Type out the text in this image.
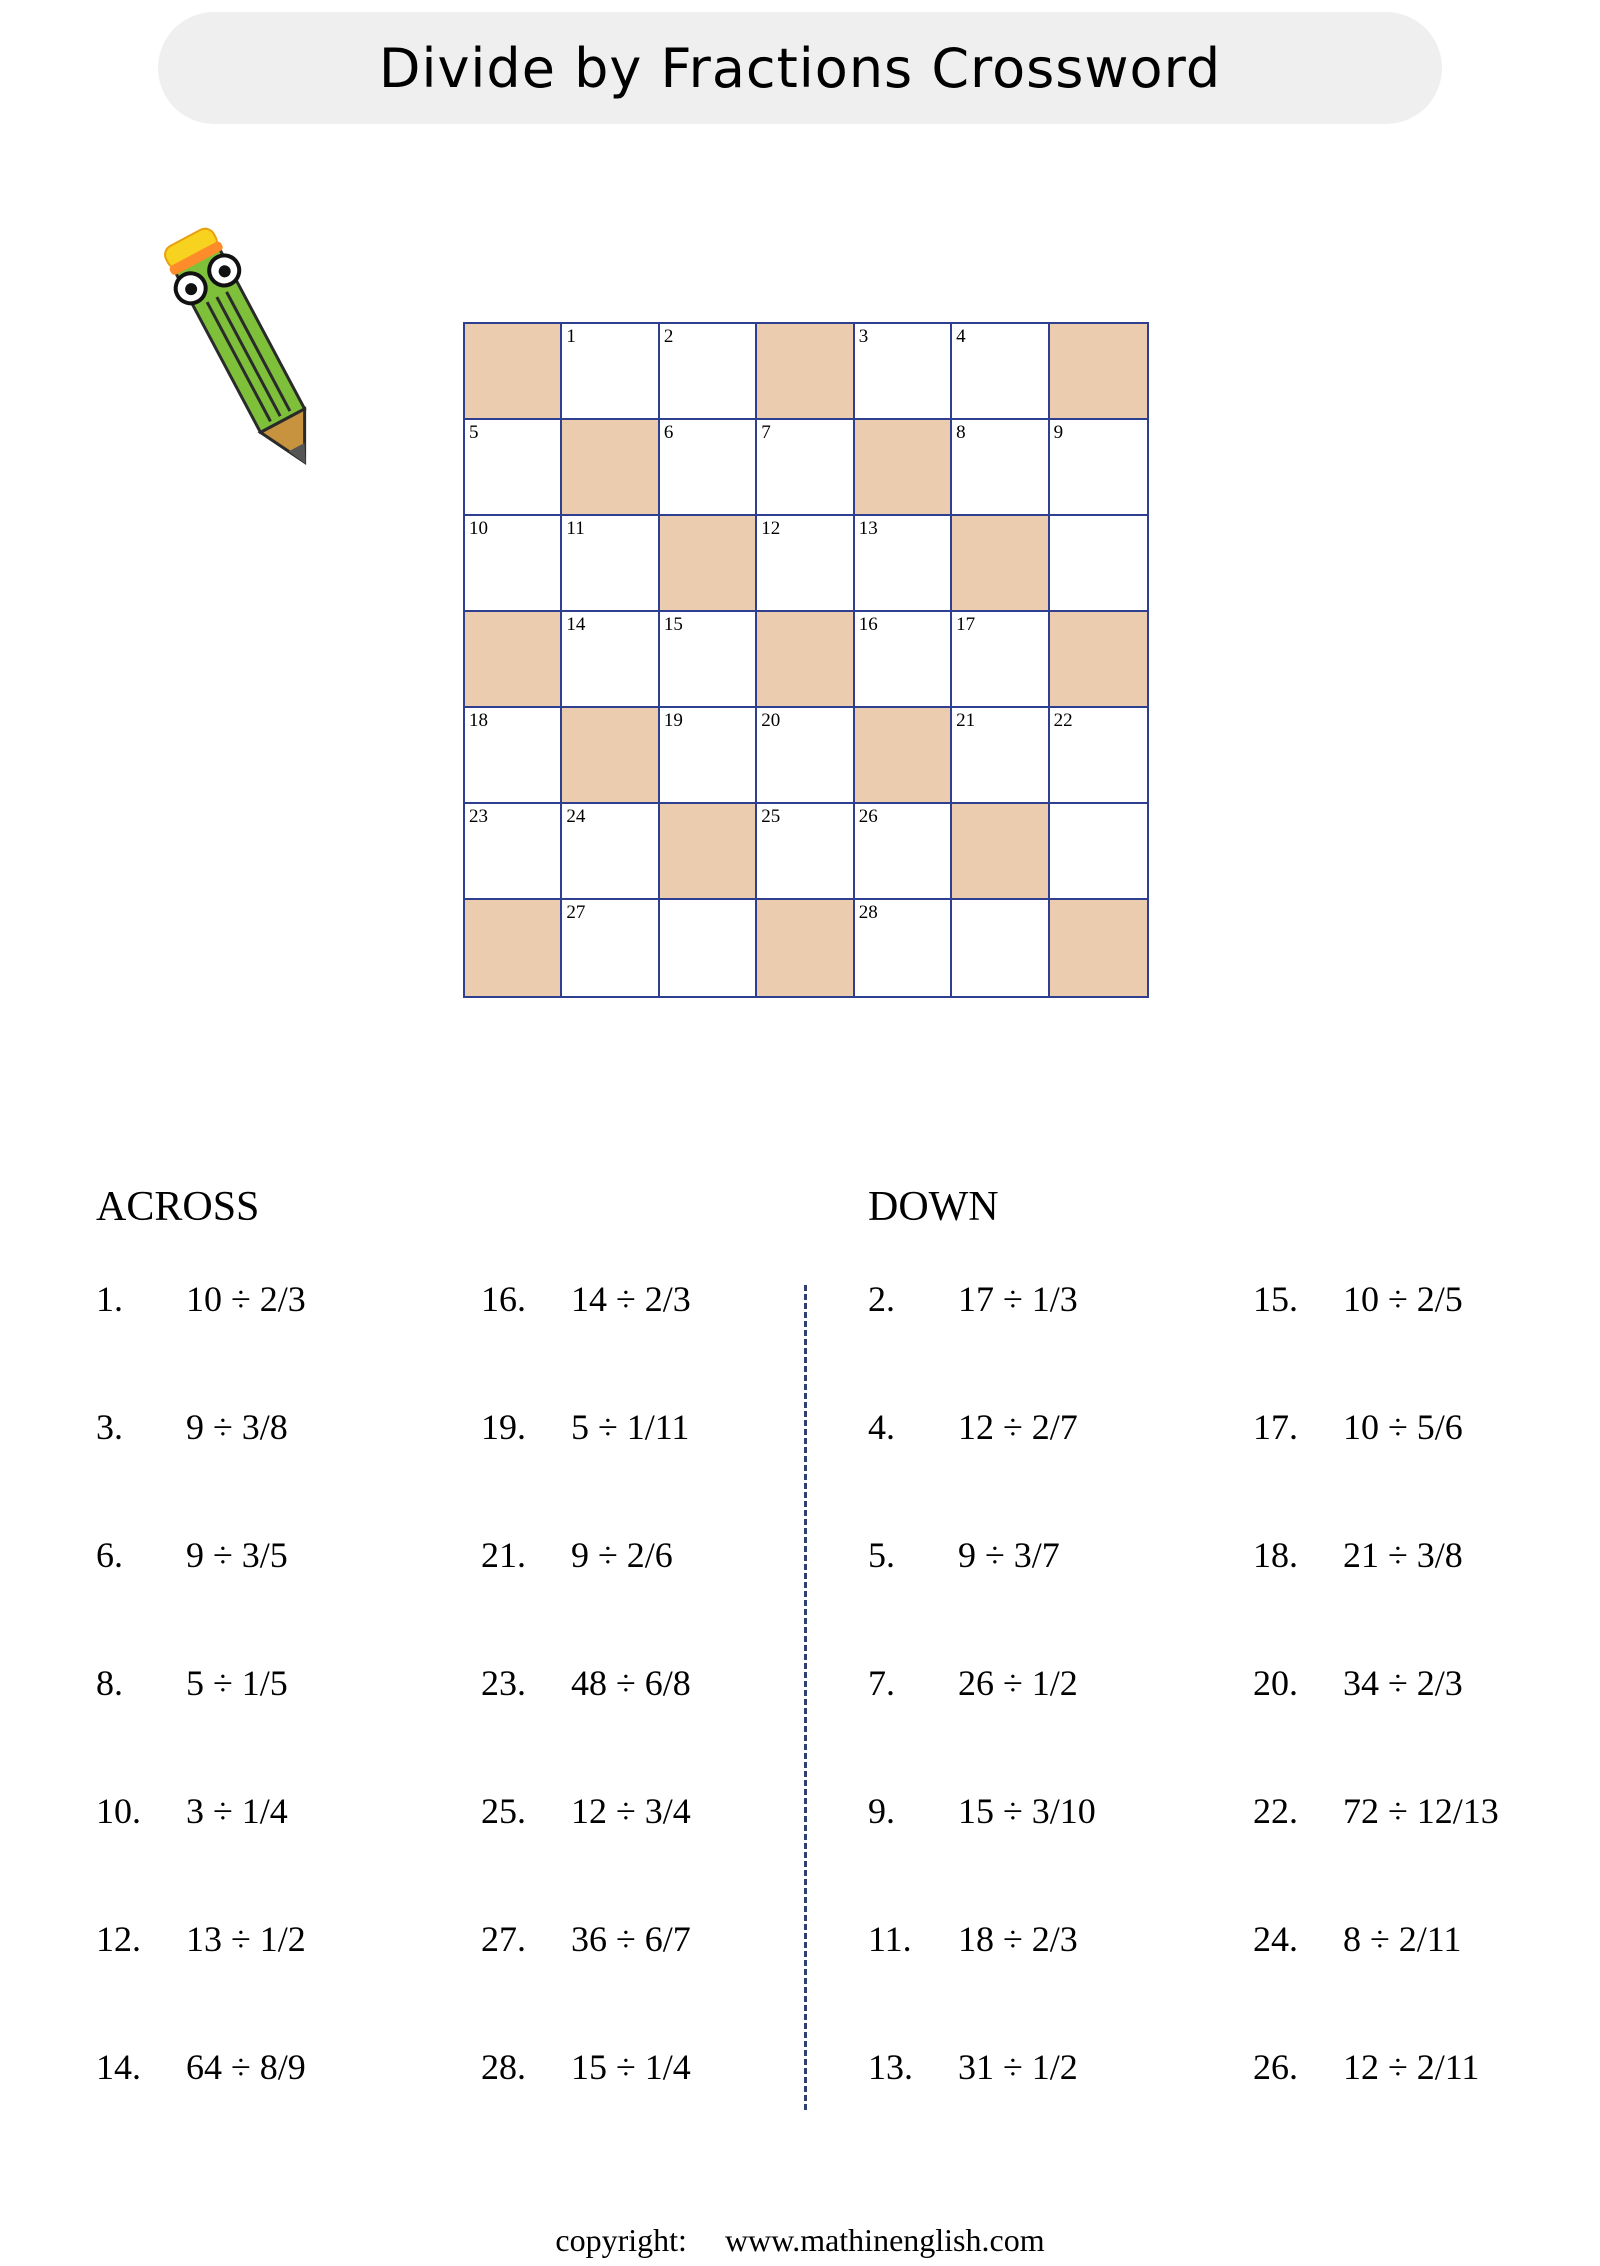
Divide by Fractions Crossword
1	2	3	4
5	6	7	8	9
10	11	12	13
14	15	16	17
18	19	20	21	22
23	24	25	26
27	28
ACROSS	DOWN
1. 10 ÷ 2/3
3. 9 ÷ 3/8
6. 9 ÷ 3/5
8. 5 ÷ 1/5
10. 3 ÷ 1/4
12. 13 ÷ 1/2
14. 64 ÷ 8/9
16. 14 ÷ 2/3
19. 5 ÷ 1/11
21. 9 ÷ 2/6
23. 48 ÷ 6/8
25. 12 ÷ 3/4
27. 36 ÷ 6/7
28. 15 ÷ 1/4
2. 17 ÷ 1/3
4. 12 ÷ 2/7
5. 9 ÷ 3/7
7. 26 ÷ 1/2
9. 15 ÷ 3/10
11. 18 ÷ 2/3
13. 31 ÷ 1/2
15. 10 ÷ 2/5
17. 10 ÷ 5/6
18. 21 ÷ 3/8
20. 34 ÷ 2/3
22. 72 ÷ 12/13
24. 8 ÷ 2/11
26. 12 ÷ 2/11
copyright: www.mathinenglish.com
